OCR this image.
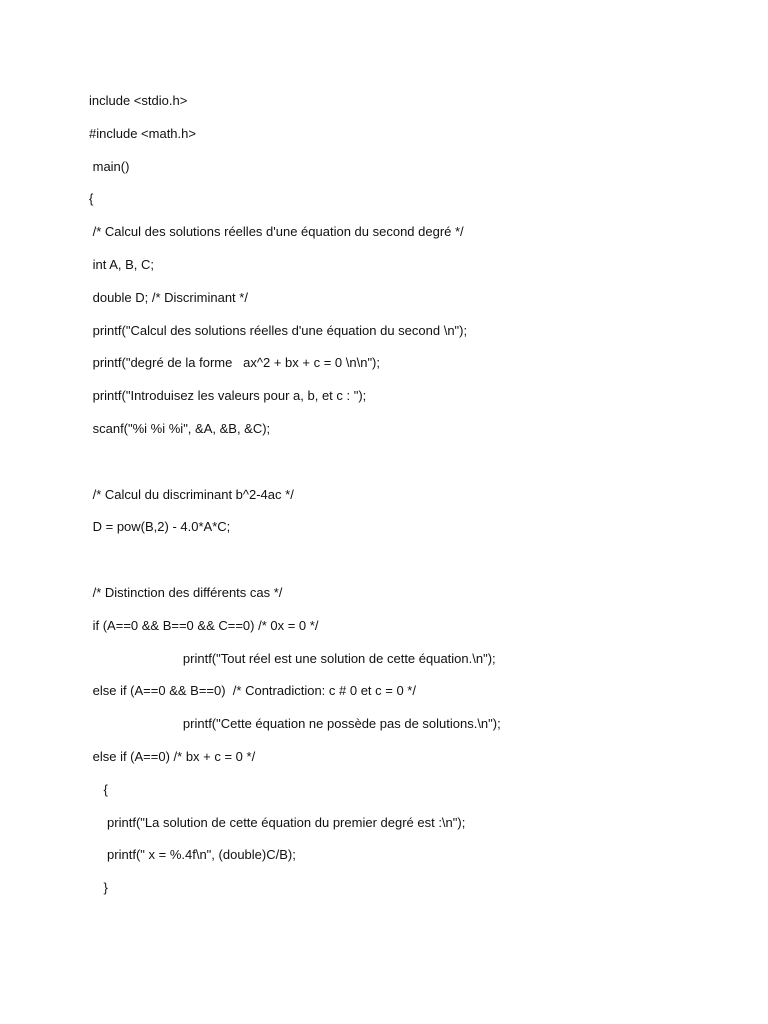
include <stdio.h>
#include <math.h>
main()
{
/* Calcul des solutions réelles d'une équation du second degré */
int A, B, C;
double D; /* Discriminant */
printf("Calcul des solutions réelles d'une équation du second \n");
printf("degré de la forme   ax^2 + bx + c = 0 \n\n");
printf("Introduisez les valeurs pour a, b, et c : ");
scanf("%i %i %i", &A, &B, &C);
/* Calcul du discriminant b^2-4ac */
D = pow(B,2) - 4.0*A*C;
/* Distinction des différents cas */
if (A==0 && B==0 && C==0) /* 0x = 0 */
printf("Tout réel est une solution de cette équation.\n");
else if (A==0 && B==0)  /* Contradiction: c # 0 et c = 0 */
printf("Cette équation ne possède pas de solutions.\n");
else if (A==0) /* bx + c = 0 */
{
printf("La solution de cette équation du premier degré est :\n");
printf(" x = %.4f\n", (double)C/B);
}
